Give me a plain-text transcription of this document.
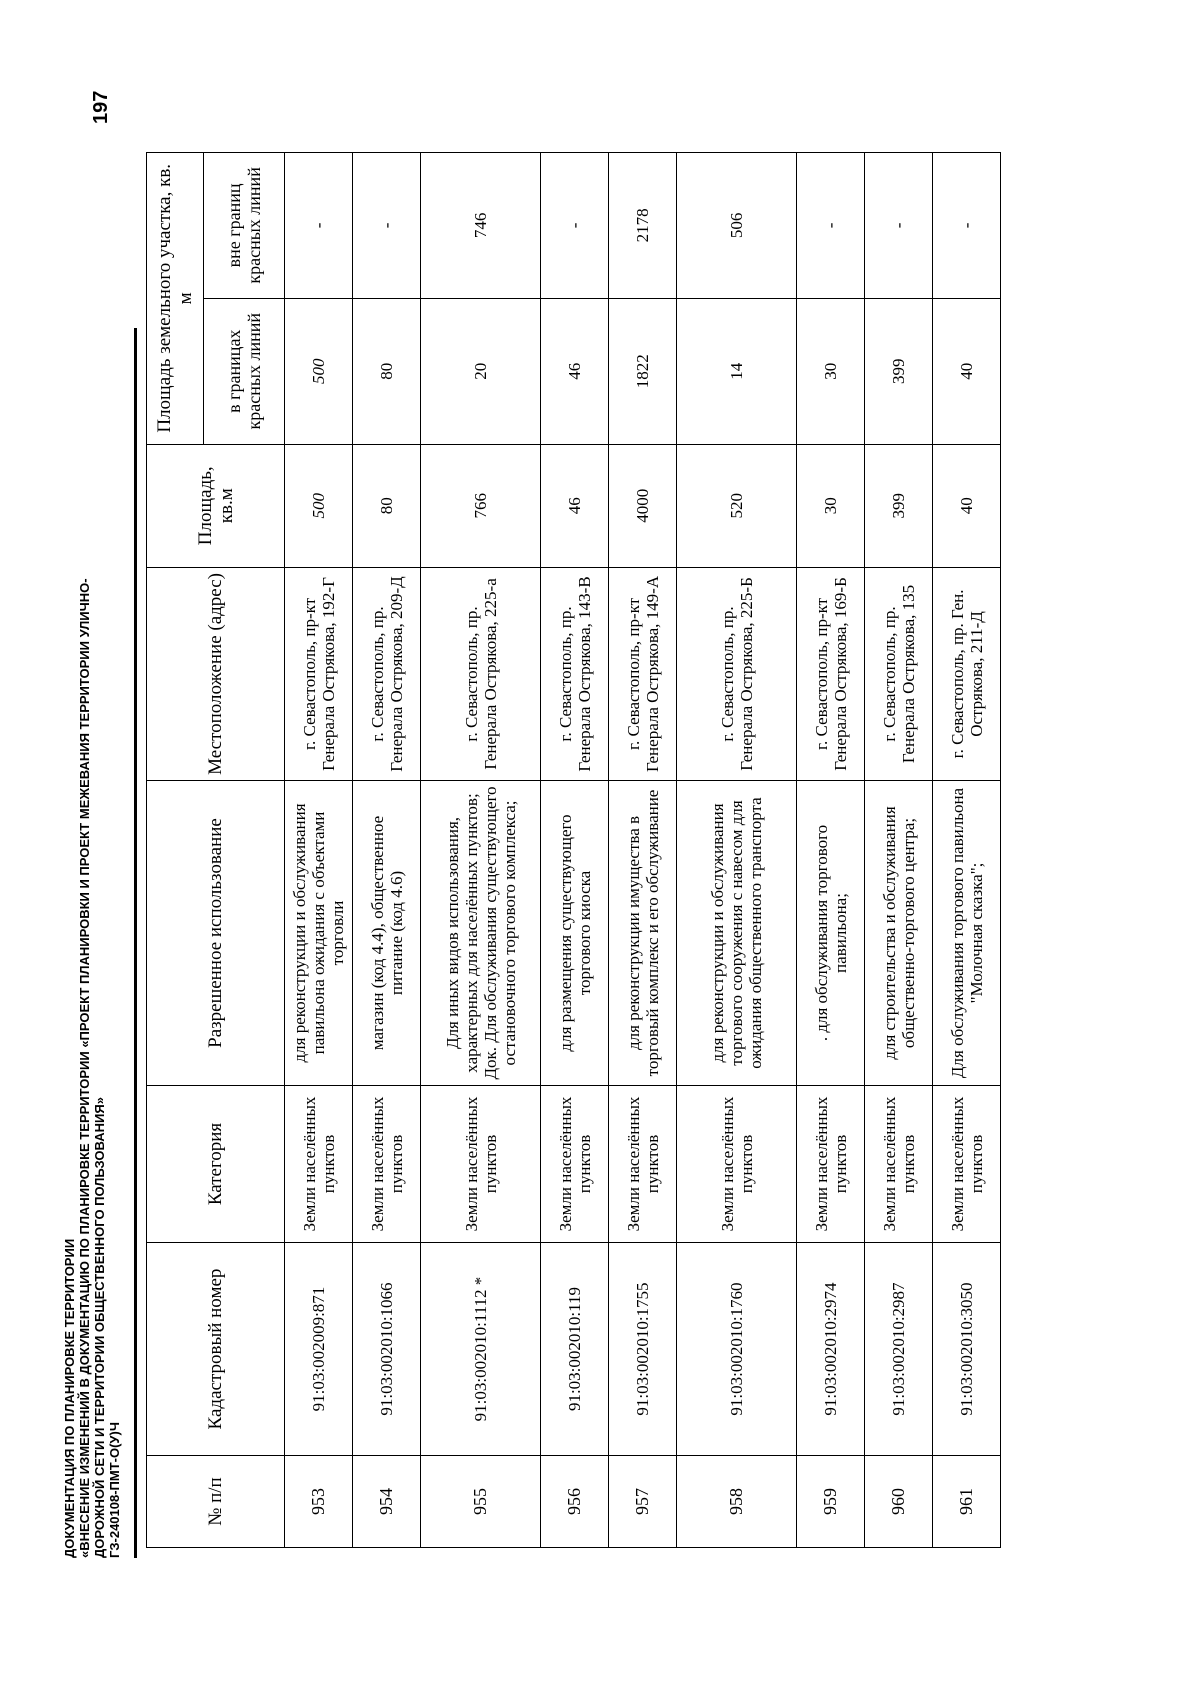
ДОКУМЕНТАЦИЯ ПО ПЛАНИРОВКЕ ТЕРРИТОРИИ «ВНЕСЕНИЕ ИЗМЕНЕНИЙ В ДОКУМЕНТАЦИЮ ПО ПЛАНИРОВКЕ ТЕРРИТОРИИ «ПРОЕКТ ПЛАНИРОВКИ И ПРОЕКТ МЕЖЕВАНИЯ ТЕРРИТОРИИ УЛИЧНО- ДОРОЖНОЙ СЕТИ И ТЕРРИТОРИИ ОБЩЕСТВЕННОГО ПОЛЬЗОВАНИЯ» ГЗ-240108-ПМТ-О(У)Ч
197
№ п/п	Кадастровый номер	Категория	Разрешенное использование	Местоположение (адрес)	Площадь, кв.м	Площадь земельного участка, кв. м	
						в границах красных линий	вне границ красных линий
953	91:03:002009:871	Земли населённых пунктов	для реконструкции и обслуживания павильона ожидания с объектами торговли	г. Севастополь, пр-кт Генерала Острякова, 192-Г	500	500	-
954	91:03:002010:1066	Земли населённых пунктов	магазин (код 4.4), общественное питание (код 4.6)	г. Севастополь, пр. Генерала Острякова, 209-Д	80	80	-
955	91:03:002010:1112 *	Земли населённых пунктов	Для иных видов использования, характерных для населённых пунктов; Док. Для обслуживания существующего остановочного торгового комплекса;	г. Севастополь, пр. Генерала Острякова, 225-а	766	20	746
956	91:03:002010:119	Земли населённых пунктов	для размещения существующего торгового киоска	г. Севастополь, пр. Генерала Острякова, 143-В	46	46	-
957	91:03:002010:1755	Земли населённых пунктов	для реконструкции имущества в торговый комплекс и его обслуживание	г. Севастополь, пр-кт Генерала Острякова, 149-А	4000	1822	2178
958	91:03:002010:1760	Земли населённых пунктов	для реконструкции и обслуживания торгового сооружения с навесом для ожидания общественного транспорта	г. Севастополь, пр. Генерала Острякова, 225-Б	520	14	506
959	91:03:002010:2974	Земли населённых пунктов	. для обслуживания торгового павильона;	г. Севастополь, пр-кт Генерала Острякова, 169-Б	30	30	-
960	91:03:002010:2987	Земли населённых пунктов	для строительства и обслуживания общественно-торгового центра;	г. Севастополь, пр. Генерала Острякова, 135	399	399	-
961	91:03:002010:3050	Земли населённых пунктов	Для обслуживания торгового павильона "Молочная сказка";	г. Севастополь, пр. Ген. Острякова, 211-Д	40	40	-
